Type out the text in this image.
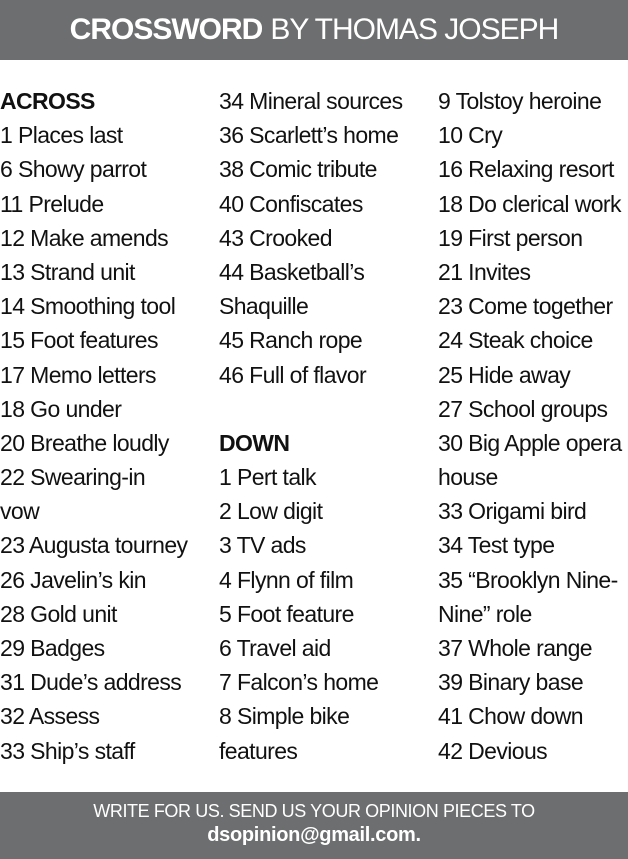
CROSSWORD BY THOMAS JOSEPH
ACROSS
1 Places last
6 Showy parrot
11 Prelude
12 Make amends
13 Strand unit
14 Smoothing tool
15 Foot features
17 Memo letters
18 Go under
20 Breathe loudly
22 Swearing-in
vow
23 Augusta tourney
26 Javelin’s kin
28 Gold unit
29 Badges
31 Dude’s address
32 Assess
33 Ship’s staff
34 Mineral sources
36 Scarlett’s home
38 Comic tribute
40 Confiscates
43 Crooked
44 Basketball’s
Shaquille
45 Ranch rope
46 Full of flavor
DOWN
1 Pert talk
2 Low digit
3 TV ads
4 Flynn of film
5 Foot feature
6 Travel aid
7 Falcon’s home
8 Simple bike
features
9 Tolstoy heroine
10 Cry
16 Relaxing resort
18 Do clerical work
19 First person
21 Invites
23 Come together
24 Steak choice
25 Hide away
27 School groups
30 Big Apple opera
house
33 Origami bird
34 Test type
35 “Brooklyn Nine-
Nine” role
37 Whole range
39 Binary base
41 Chow down
42 Devious
WRITE FOR US. SEND US YOUR OPINION PIECES TO
dsopinion@gmail.com.
